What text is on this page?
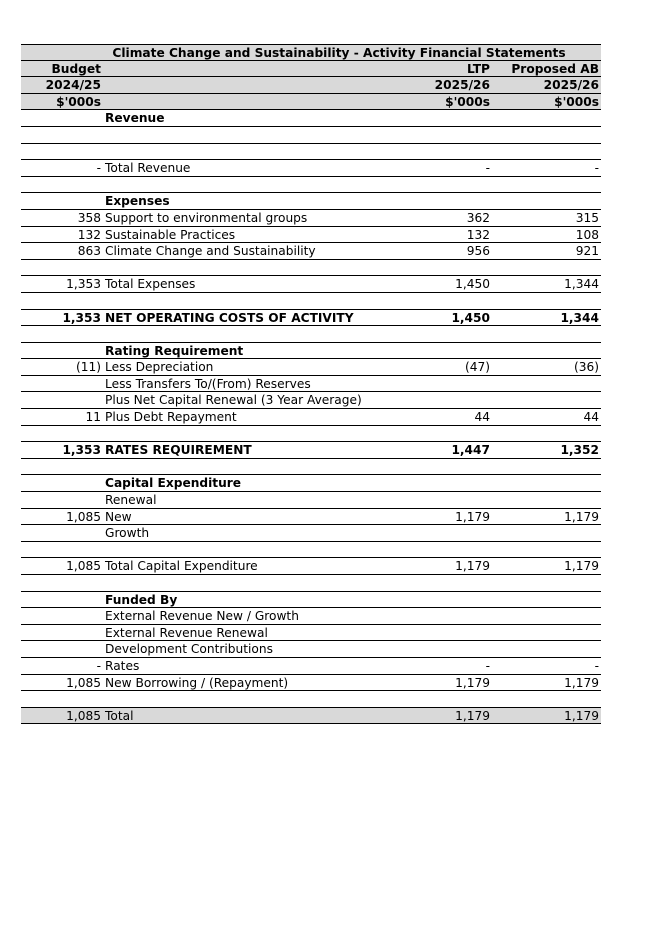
Climate Change and Sustainability - Activity Financial Statements
Budget	LTP	Proposed AB
2024/25	2025/26	2025/26
$'000s	$'000s	$'000s
Revenue
- Total Revenue	-	-
Expenses
358 Support to environmental groups	362	315
132 Sustainable Practices	132	108
863 Climate Change and Sustainability	956	921
1,353 Total Expenses	1,450	1,344
1,353 NET OPERATING COSTS OF ACTIVITY	1,450	1,344
Rating Requirement
(11) Less Depreciation	(47)	(36)
Less Transfers To/(From) Reserves
Plus Net Capital Renewal (3 Year Average)
11 Plus Debt Repayment	44	44
1,353 RATES REQUIREMENT	1,447	1,352
Capital Expenditure
Renewal
1,085 New	1,179	1,179
Growth
1,085 Total Capital Expenditure	1,179	1,179
Funded By
External Revenue New / Growth
External Revenue Renewal
Development Contributions
- Rates	-	-
1,085 New Borrowing / (Repayment)	1,179	1,179
1,085 Total	1,179	1,179
